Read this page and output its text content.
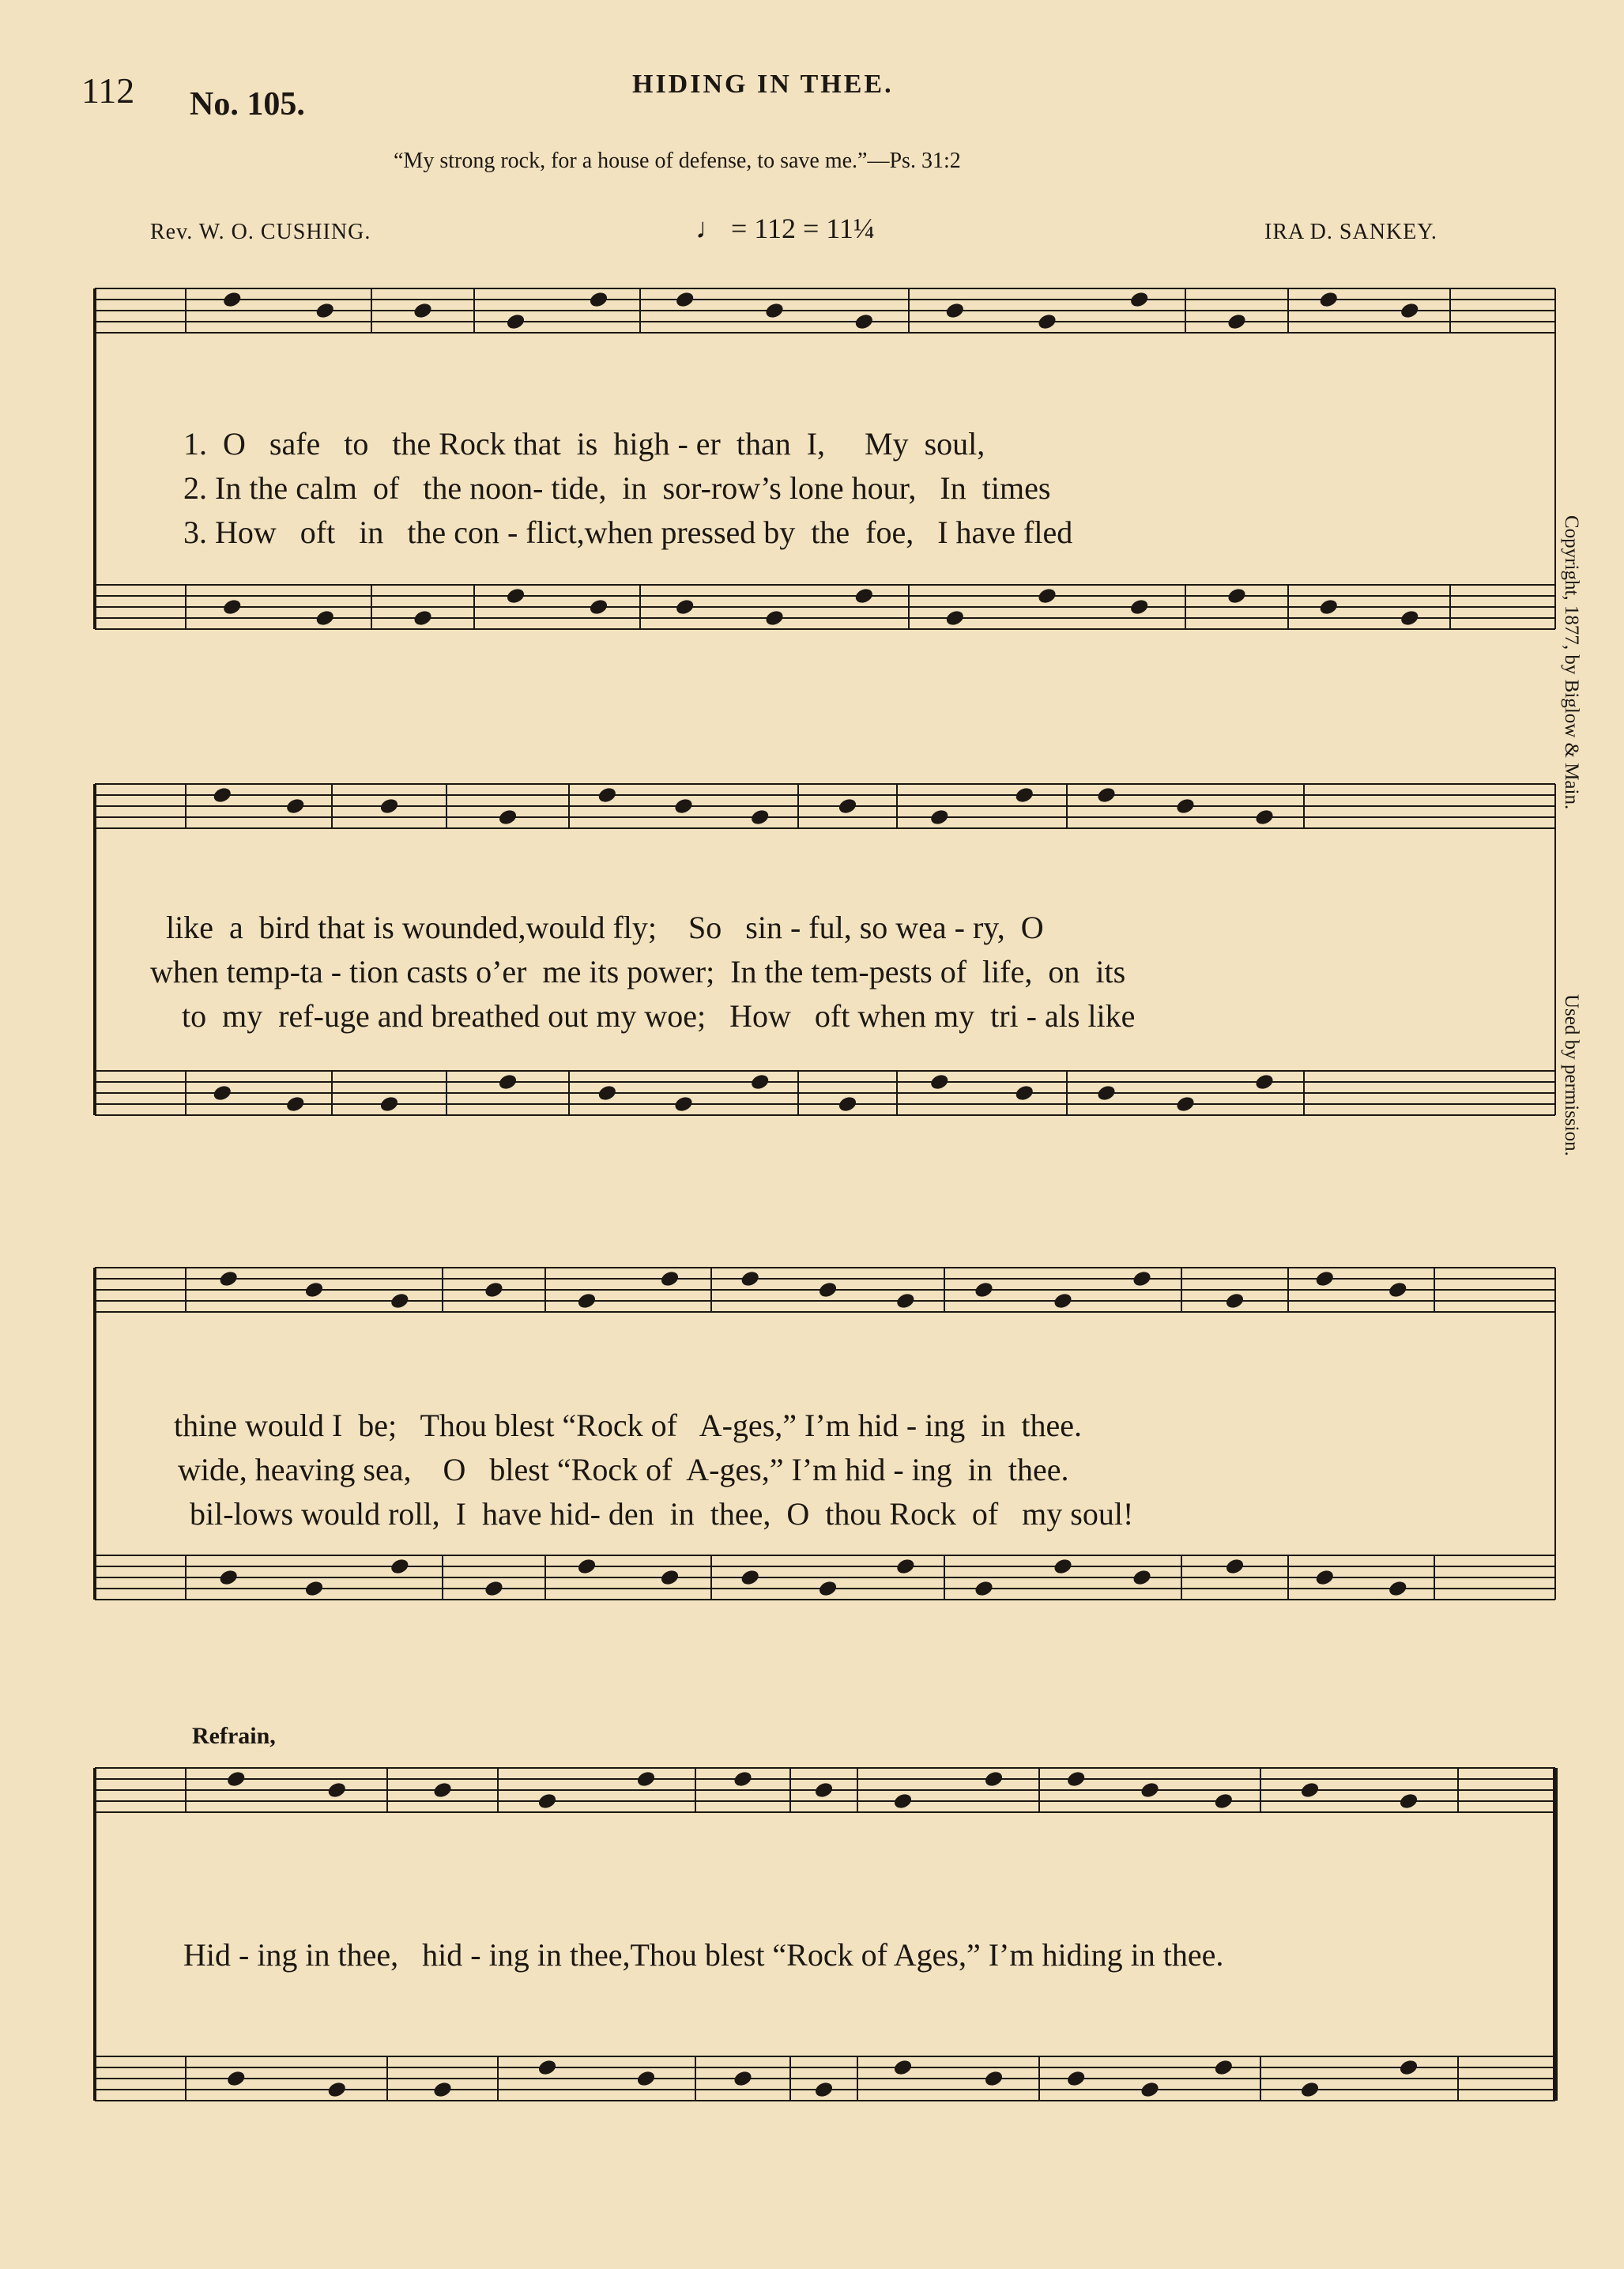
112 No. 105.
HIDING IN THEE.
“My strong rock, for a house of defense, to save me.”—Ps. 31:2
Rev. W. O. CUSHING.	♩ = 112 = 11¼	IRA D. SANKEY.
Refrain,
Copyright, 1877, by Biglow & Main.
Used by permission.
1.  O   safe   to   the Rock that  is  high - er  than  I,     My  soul,
2. In the calm  of   the noon- tide,  in  sor-row’s lone hour,   In  times
3. How   oft   in   the con - flict,when pressed by  the  foe,   I have fled
like  a  bird that is wounded,would fly;    So   sin - ful, so wea - ry,  O
when temp-ta - tion casts o’er  me its power;  In the tem-pests of  life,  on  its
to  my  ref-uge and breathed out my woe;   How   oft when my  tri - als like
thine would I  be;   Thou blest “Rock of   A-ges,” I’m hid - ing  in  thee.
wide, heaving sea,    O   blest “Rock of  A-ges,” I’m hid - ing  in  thee.
bil-lows would roll,  I  have hid- den  in  thee,  O  thou Rock  of   my soul!
Hid - ing in thee,   hid - ing in thee,Thou blest “Rock of Ages,” I’m hiding in thee.
